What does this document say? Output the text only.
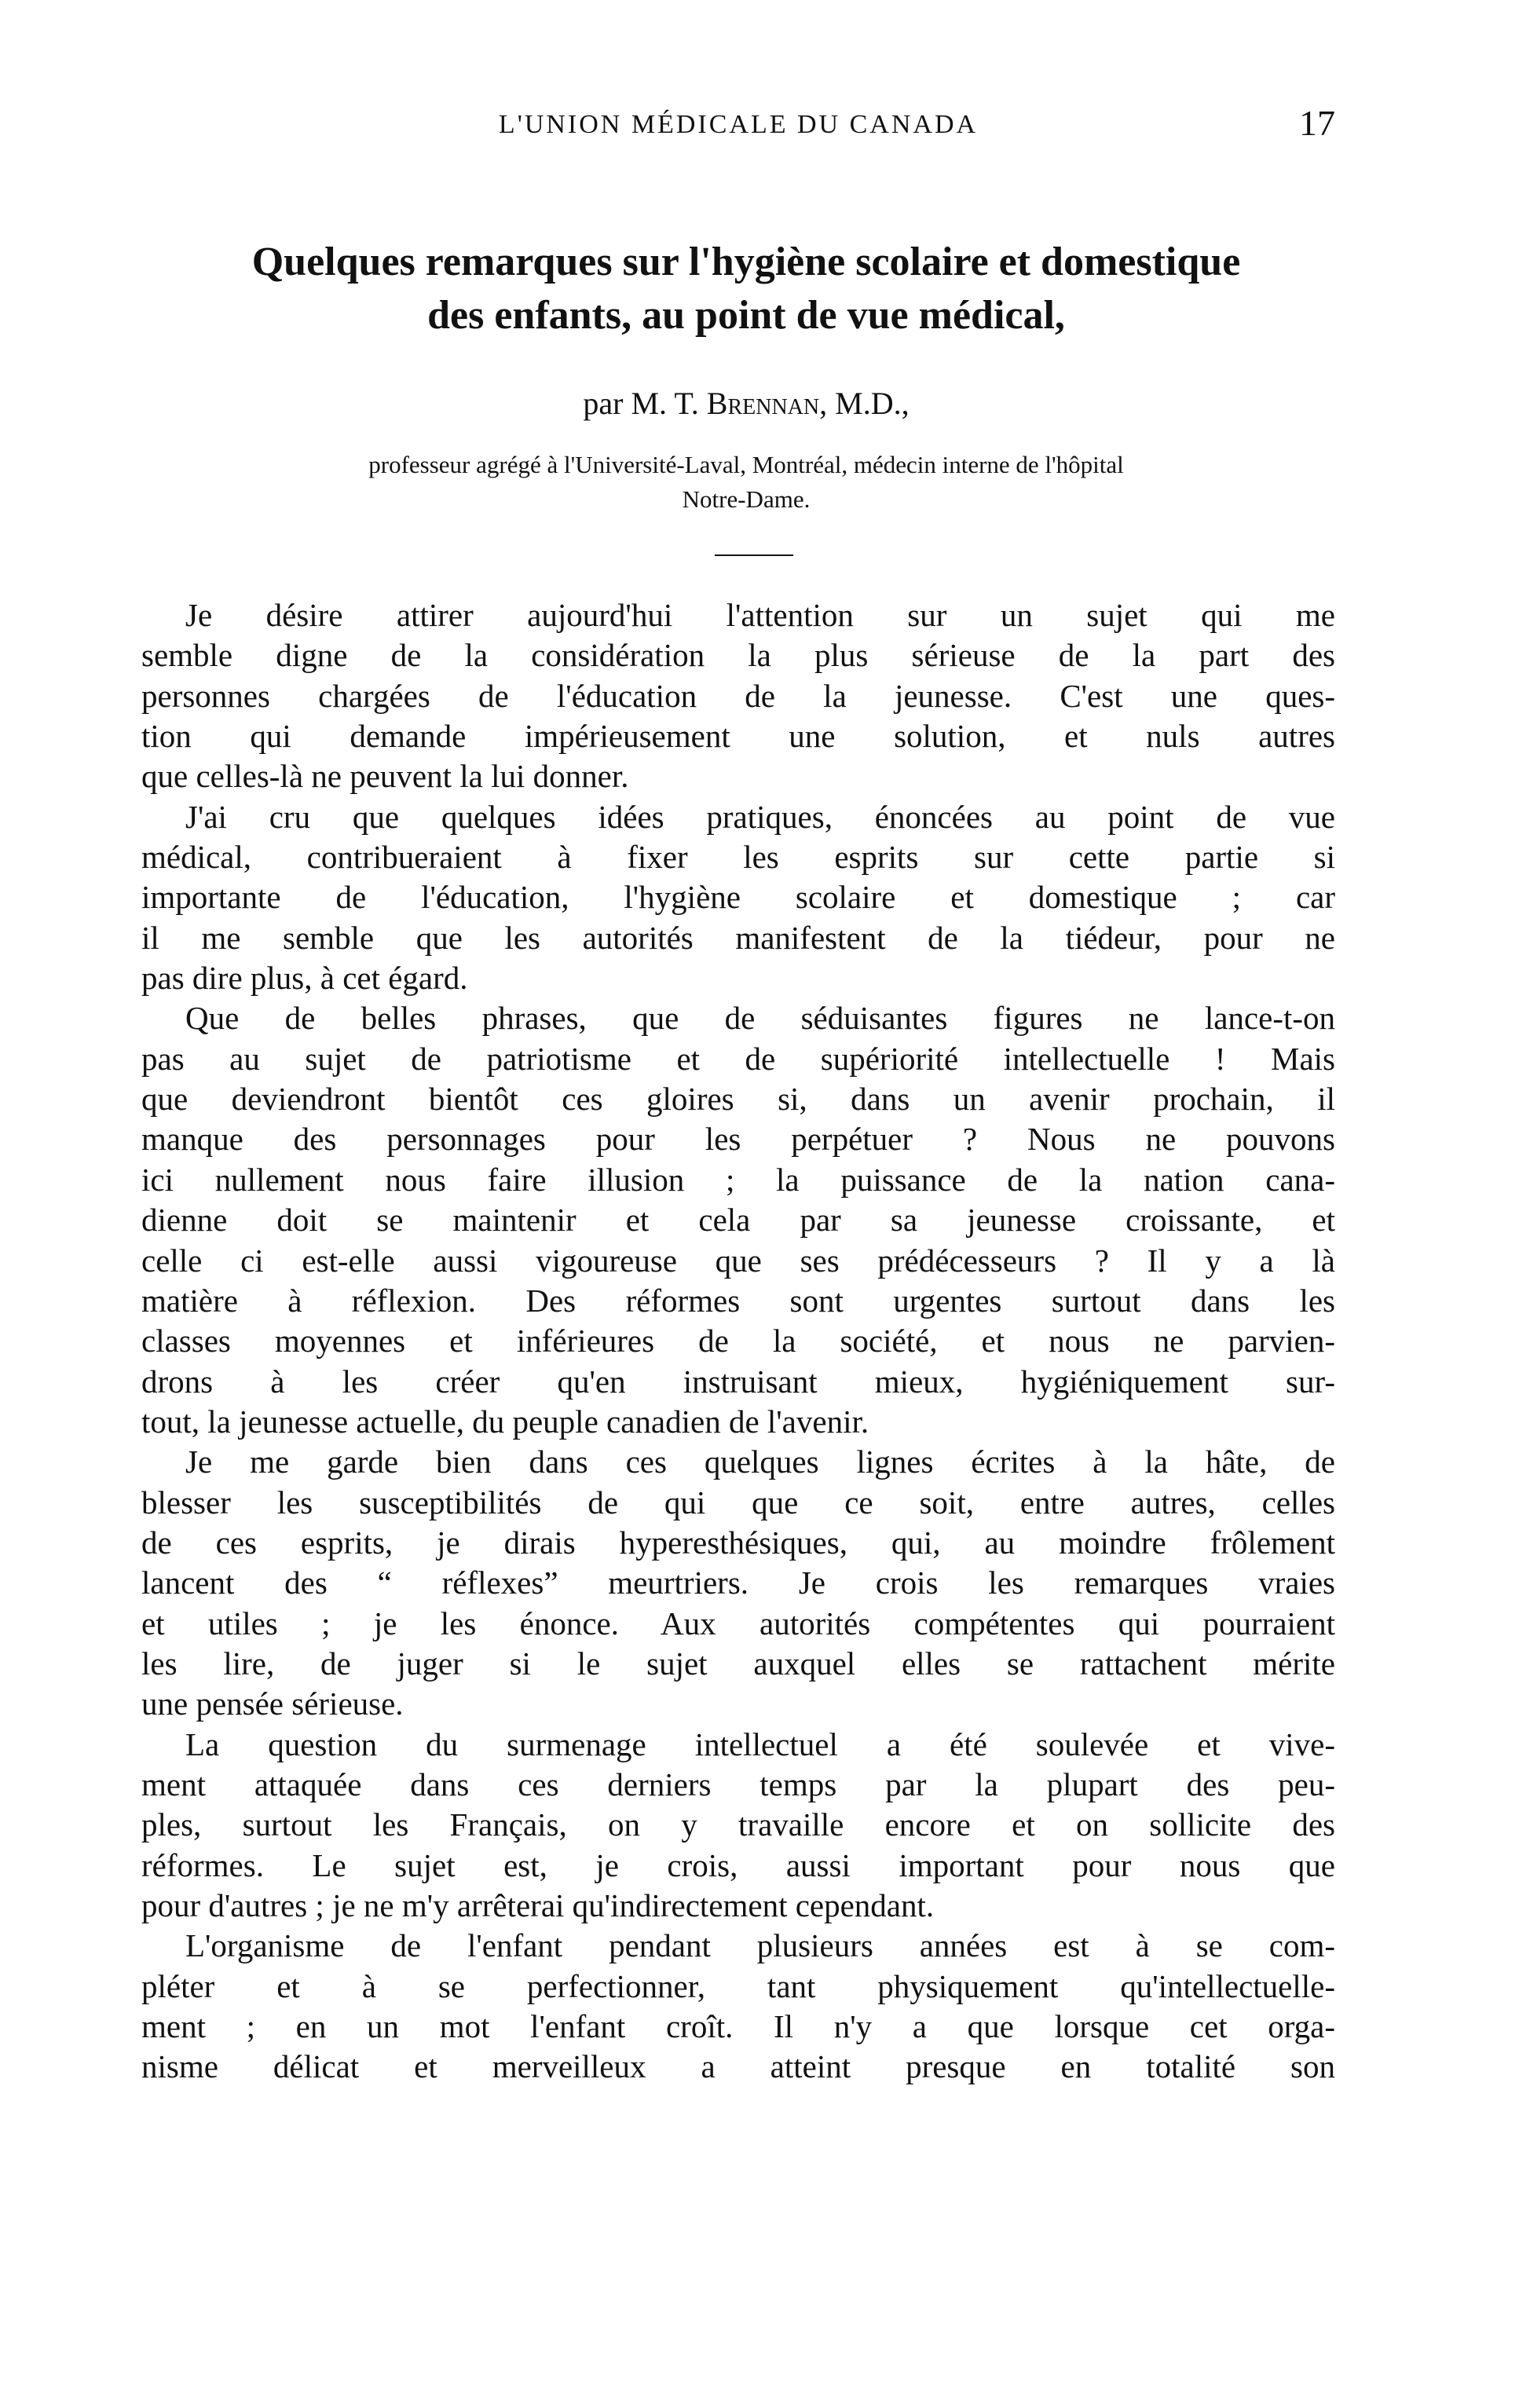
L'UNION MÉDICALE DU CANADA	17
Quelques remarques sur l'hygiène scolaire et domestique
des enfants, au point de vue médical,
par M. T. Brennan, M.D.,
professeur agrégé à l'Université-Laval, Montréal, médecin interne de l'hôpital
Notre-Dame.
Je désire attirer aujourd'hui l'attention sur un sujet qui me
semble digne de la considération la plus sérieuse de la part des
personnes chargées de l'éducation de la jeunesse. C'est une ques-
tion qui demande impérieusement une solution, et nuls autres
que celles-là ne peuvent la lui donner.
J'ai cru que quelques idées pratiques, énoncées au point de vue
médical, contribueraient à fixer les esprits sur cette partie si
importante de l'éducation, l'hygiène scolaire et domestique ; car
il me semble que les autorités manifestent de la tiédeur, pour ne
pas dire plus, à cet égard.
Que de belles phrases, que de séduisantes figures ne lance-t-on
pas au sujet de patriotisme et de supériorité intellectuelle ! Mais
que deviendront bientôt ces gloires si, dans un avenir prochain, il
manque des personnages pour les perpétuer ? Nous ne pouvons
ici nullement nous faire illusion ; la puissance de la nation cana-
dienne doit se maintenir et cela par sa jeunesse croissante, et
celle ci est-elle aussi vigoureuse que ses prédécesseurs ? Il y a là
matière à réflexion. Des réformes sont urgentes surtout dans les
classes moyennes et inférieures de la société, et nous ne parvien-
drons à les créer qu'en instruisant mieux, hygiéniquement sur-
tout, la jeunesse actuelle, du peuple canadien de l'avenir.
Je me garde bien dans ces quelques lignes écrites à la hâte, de
blesser les susceptibilités de qui que ce soit, entre autres, celles
de ces esprits, je dirais hyperesthésiques, qui, au moindre frôlement
lancent des “ réflexes” meurtriers. Je crois les remarques vraies
et utiles ; je les énonce. Aux autorités compétentes qui pourraient
les lire, de juger si le sujet auxquel elles se rattachent mérite
une pensée sérieuse.
La question du surmenage intellectuel a été soulevée et vive-
ment attaquée dans ces derniers temps par la plupart des peu-
ples, surtout les Français, on y travaille encore et on sollicite des
réformes. Le sujet est, je crois, aussi important pour nous que
pour d'autres ; je ne m'y arrêterai qu'indirectement cependant.
L'organisme de l'enfant pendant plusieurs années est à se com-
pléter et à se perfectionner, tant physiquement qu'intellectuelle-
ment ; en un mot l'enfant croît. Il n'y a que lorsque cet orga-
nisme délicat et merveilleux a atteint presque en totalité son
